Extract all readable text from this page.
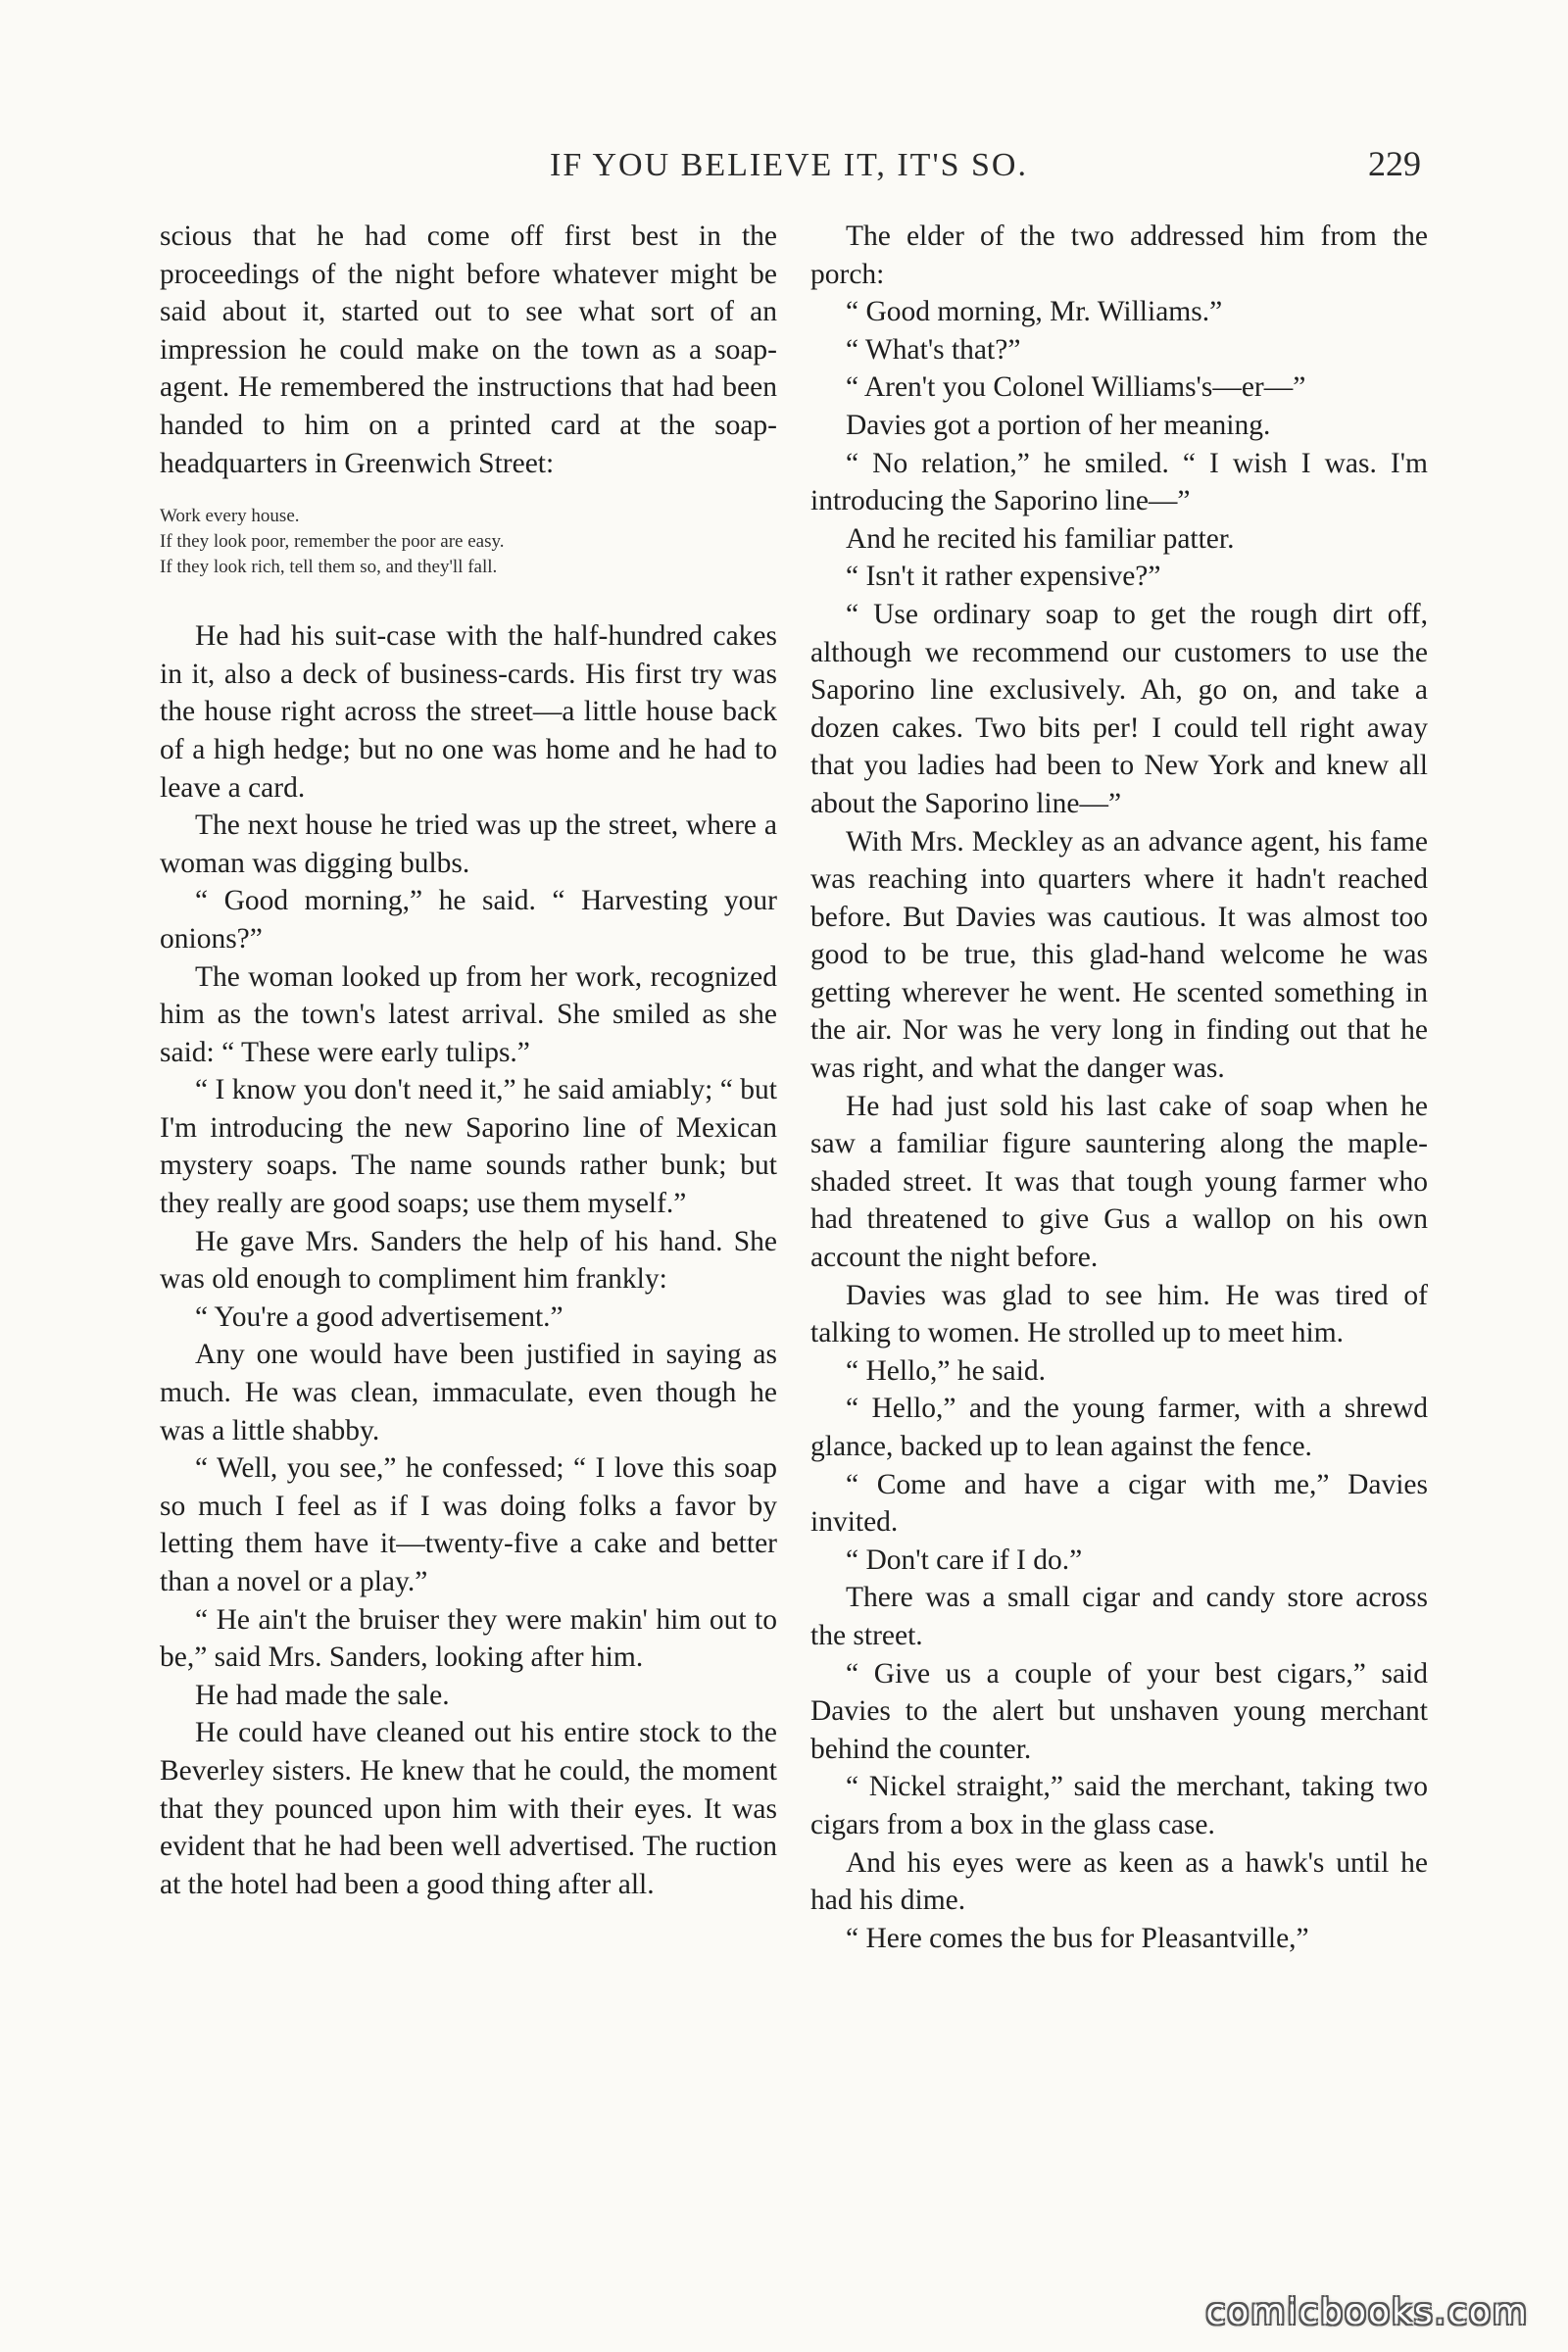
IF YOU BELIEVE IT, IT'S SO.	229

scious that he had come off first best in the proceedings of the night before whatever might be said about it, started out to see what sort of an impression he could make on the town as a soap-agent. He remembered the instructions that had been handed to him on a printed card at the soap-headquarters in Greenwich Street:

Work every house.
If they look poor, remember the poor are easy.
If they look rich, tell them so, and they'll fall.

He had his suit-case with the half-hundred cakes in it, also a deck of business-cards. His first try was the house right across the street—a little house back of a high hedge; but no one was home and he had to leave a card.

The next house he tried was up the street, where a woman was digging bulbs.

“ Good morning,” he said. “ Harvesting your onions?”

The woman looked up from her work, recognized him as the town's latest arrival. She smiled as she said: “ These were early tulips.”

“ I know you don't need it,” he said amiably; “ but I'm introducing the new Saporino line of Mexican mystery soaps. The name sounds rather bunk; but they really are good soaps; use them myself.”

He gave Mrs. Sanders the help of his hand. She was old enough to compliment him frankly:

“ You're a good advertisement.”

Any one would have been justified in saying as much. He was clean, immaculate, even though he was a little shabby.

“ Well, you see,” he confessed; “ I love this soap so much I feel as if I was doing folks a favor by letting them have it—twenty-five a cake and better than a novel or a play.”

“ He ain't the bruiser they were makin' him out to be,” said Mrs. Sanders, looking after him.

He had made the sale.

He could have cleaned out his entire stock to the Beverley sisters. He knew that he could, the moment that they pounced upon him with their eyes. It was evident that he had been well advertised. The ruction at the hotel had been a good thing after all.

The elder of the two addressed him from the porch:

“ Good morning, Mr. Williams.”

“ What's that?”

“ Aren't you Colonel Williams's—er—”

Davies got a portion of her meaning.

“ No relation,” he smiled. “ I wish I was. I'm introducing the Saporino line—”

And he recited his familiar patter.

“ Isn't it rather expensive?”

“ Use ordinary soap to get the rough dirt off, although we recommend our customers to use the Saporino line exclusively. Ah, go on, and take a dozen cakes. Two bits per! I could tell right away that you ladies had been to New York and knew all about the Saporino line—”

With Mrs. Meckley as an advance agent, his fame was reaching into quarters where it hadn't reached before. But Davies was cautious. It was almost too good to be true, this glad-hand welcome he was getting wherever he went. He scented something in the air. Nor was he very long in finding out that he was right, and what the danger was.

He had just sold his last cake of soap when he saw a familiar figure sauntering along the maple-shaded street. It was that tough young farmer who had threatened to give Gus a wallop on his own account the night before.

Davies was glad to see him. He was tired of talking to women. He strolled up to meet him.

“ Hello,” he said.

“ Hello,” and the young farmer, with a shrewd glance, backed up to lean against the fence.

“ Come and have a cigar with me,” Davies invited.

“ Don't care if I do.”

There was a small cigar and candy store across the street.

“ Give us a couple of your best cigars,” said Davies to the alert but unshaven young merchant behind the counter.

“ Nickel straight,” said the merchant, taking two cigars from a box in the glass case.

And his eyes were as keen as a hawk's until he had his dime.

“ Here comes the bus for Pleasantville,”

comicbooks.com
